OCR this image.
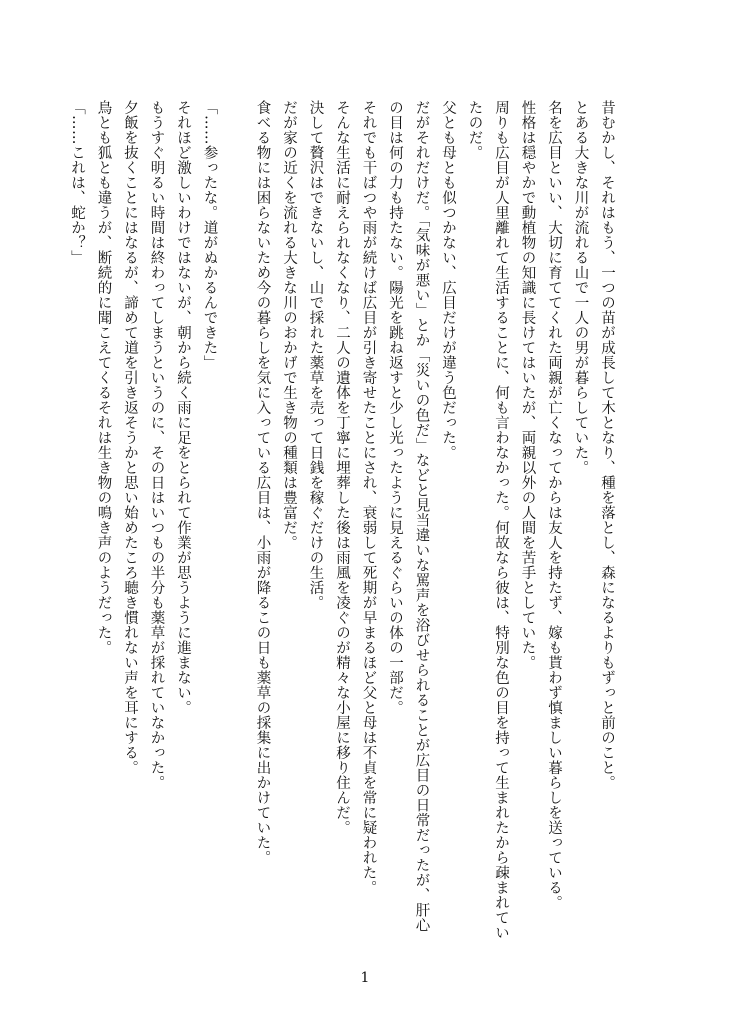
昔むかし、それはもう、一つの苗が成長して木となり、種を落とし、森になるよりもずっと前のこと。

とある大きな川が流れる山で一人の男が暮らしていた。

名を広目といい、大切に育ててくれた両親が亡くなってからは友人を持たず、嫁も貰わず慎ましい暮らしを送っている。

性格は穏やかで動植物の知識に長けてはいたが、両親以外の人間を苦手としていた。

周りも広目が人里離れて生活することに、何も言わなかった。何故なら彼は、特別な色の目を持って生まれたから疎まれていたのだ。

父とも母とも似つかない、広目だけが違う色だった。

だがそれだけだ。「気味が悪い」とか「災いの色だ」などと見当違いな罵声を浴びせられることが広目の日常だったが、肝心の目は何の力も持たない。陽光を跳ね返すと少し光ったように見えるぐらいの体の一部だ。

それでも干ばつや雨が続けば広目が引き寄せたことにされ、衰弱して死期が早まるほど父と母は不貞を常に疑われた。

そんな生活に耐えられなくなり、二人の遺体を丁寧に埋葬した後は雨風を凌ぐのが精々な小屋に移り住んだ。

決して贅沢はできないし、山で採れた薬草を売って日銭を稼ぐだけの生活。

だが家の近くを流れる大きな川のおかげで生き物の種類は豊富だ。

食べる物には困らないため今の暮らしを気に入っている広目は、小雨が降るこの日も薬草の採集に出かけていた。

「……参ったな。道がぬかるんできた」

それほど激しいわけではないが、朝から続く雨に足をとられて作業が思うように進まない。

もうすぐ明るい時間は終わってしまうというのに、その日はいつもの半分も薬草が採れていなかった。

夕飯を抜くことにはなるが、諦めて道を引き返そうかと思い始めたころ聴き慣れない声を耳にする。

鳥とも狐とも違うが、断続的に聞こえてくるそれは生き物の鳴き声のようだった。

「……これは、蛇か？」

1
